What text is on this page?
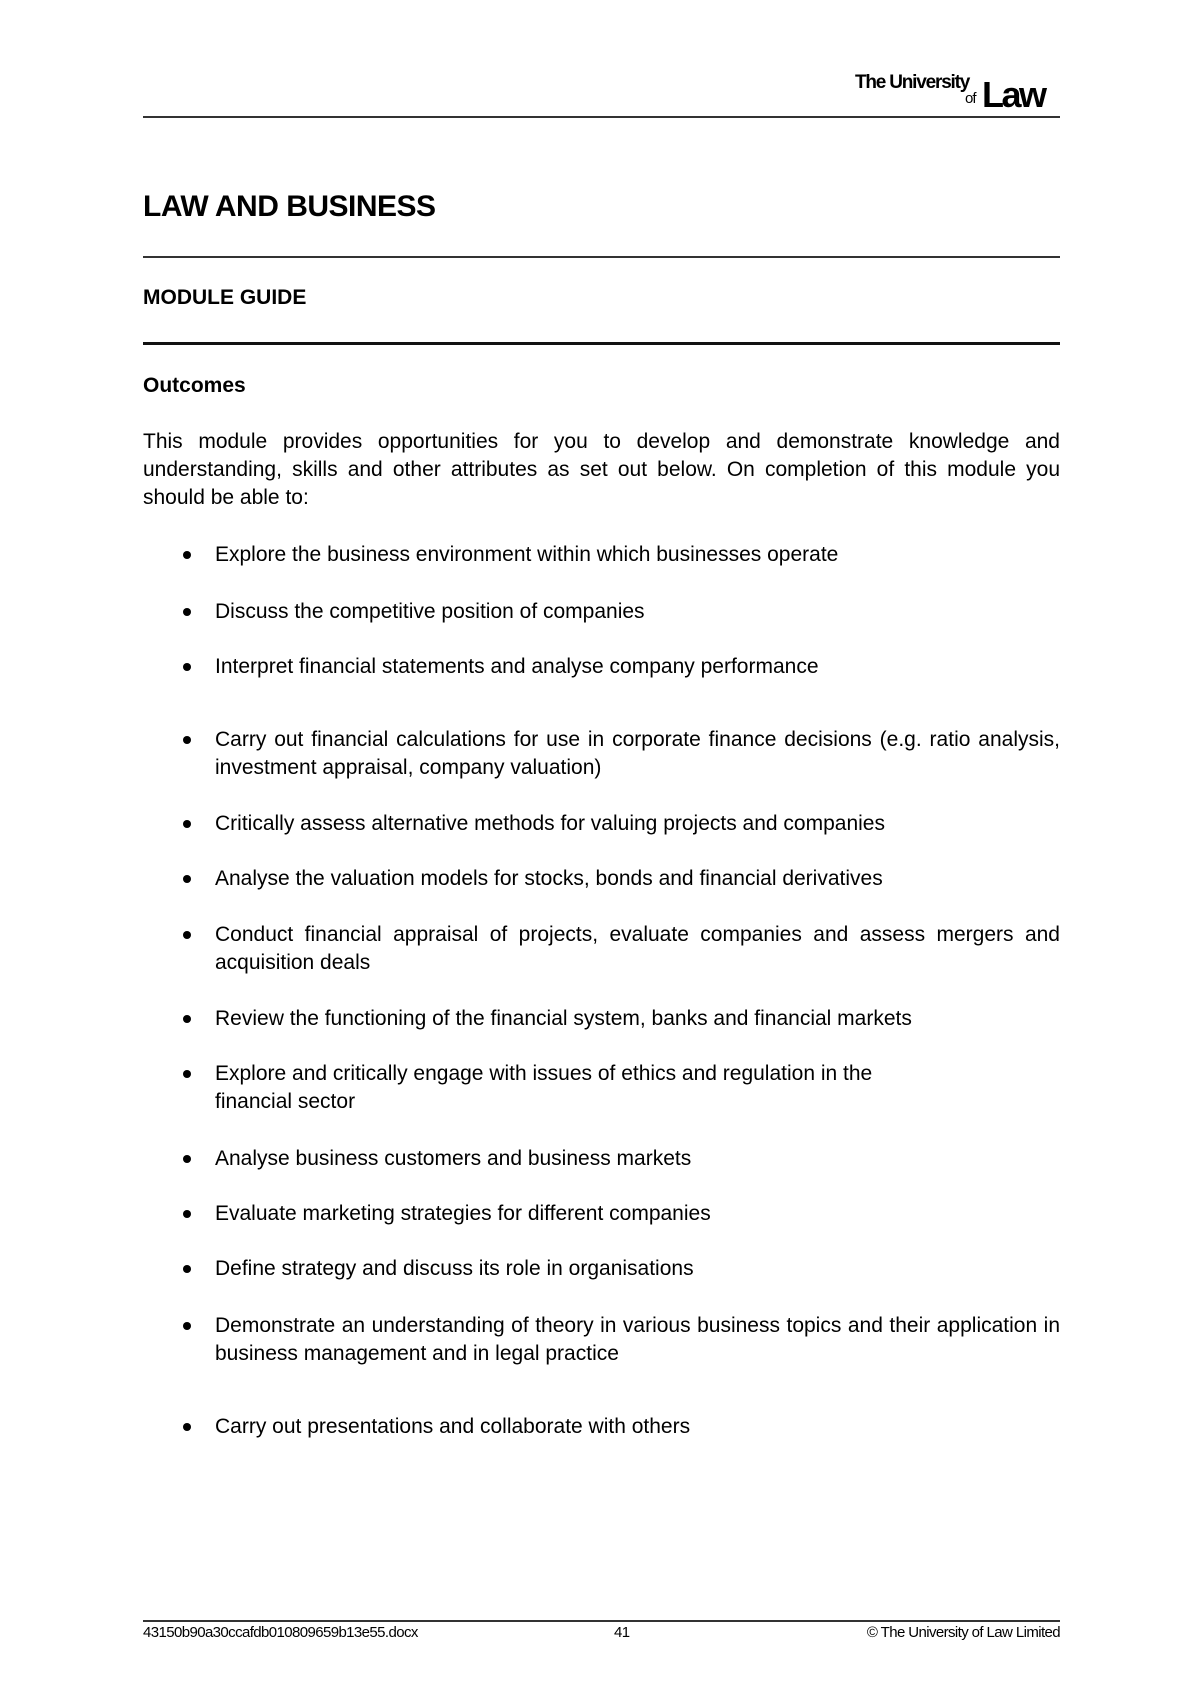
The University
of Law
LAW AND BUSINESS
MODULE GUIDE
Outcomes
This module provides opportunities for you to develop and demonstrate knowledge and understanding, skills and other attributes as set out below. On completion of this module you should be able to:
Explore the business environment within which businesses operate
Discuss the competitive position of companies
Interpret financial statements and analyse company performance
Carry out financial calculations for use in corporate finance decisions (e.g. ratio analysis, investment appraisal, company valuation)
Critically assess alternative methods for valuing projects and companies
Analyse the valuation models for stocks, bonds and financial derivatives
Conduct financial appraisal of projects, evaluate companies and assess mergers and acquisition deals
Review the functioning of the financial system, banks and financial markets
Explore and critically engage with issues of ethics and regulation in the financial sector
Analyse business customers and business markets
Evaluate marketing strategies for different companies
Define strategy and discuss its role in organisations
Demonstrate an understanding of theory in various business topics and their application in business management and in legal practice
Carry out presentations and collaborate with others
43150b90a30ccafdb010809659b13e55.docx	41	© The University of Law Limited
